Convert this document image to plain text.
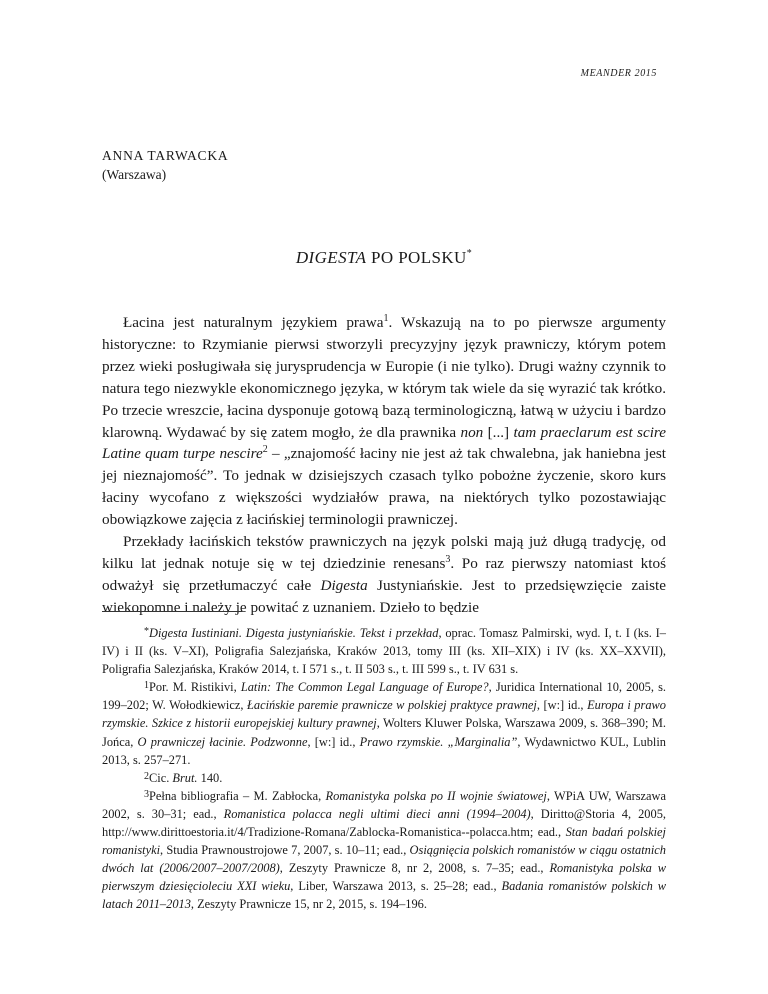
MEANDER 2015
ANNA TARWACKA
(Warszawa)
DIGESTA PO POLSKU*

Łacina jest naturalnym językiem prawa$^1$. Wskazują na to po pierwsze argumenty historyczne: to Rzymianie pierwsi stworzyli precyzyjny język prawniczy, którym potem przez wieki posługiwała się jurysprudencja w Europie (i nie tylko). Drugi ważny czynnik to natura tego niezwykle ekonomicznego języka, w którym tak wiele da się wyrazić tak krótko. Po trzecie wreszcie, łacina dysponuje gotową bazą terminologiczną, łatwą w użyciu i bardzo klarowną. Wydawać by się zatem mogło, że dla prawnika non [...] tam praeclarum est scire Latine quam turpe nescire$^2$ – „znajomość łaciny nie jest aż tak chwalebna, jak haniebna jest jej nieznajomość”. To jednak w dzisiejszych czasach tylko pobożne życzenie, skoro kurs łaciny wycofano z większości wydziałów prawa, na niektórych tylko pozostawiając obowiązkowe zajęcia z łacińskiej terminologii prawniczej.

Przekłady łacińskich tekstów prawniczych na język polski mają już długą tradycję, od kilku lat jednak notuje się w tej dziedzinie renesans$^3$. Po raz pierwszy natomiast ktoś odważył się przetłumaczyć całe Digesta Justyniańskie. Jest to przedsięwzięcie zaiste wiekopomne i należy je powitać z uznaniem. Dzieło to będzie

*Digesta Iustiniani. Digesta justyniańskie. Tekst i przekład, oprac. Tomasz Palmirski, wyd. I, t. I (ks. I–IV) i II (ks. V–XI), Poligrafia Salezjańska, Kraków 2013, tomy III (ks. XII–XIX) i IV (ks. XX–XXVII), Poligrafia Salezjańska, Kraków 2014, t. I 571 s., t. II 503 s., t. III 599 s., t. IV 631 s.

1Por. M. Ristikivi, Latin: The Common Legal Language of Europe?, Juridica International 10, 2005, s. 199–202; W. Wołodkiewicz, Łacińskie paremie prawnicze w polskiej praktyce prawnej, [w:] id., Europa i prawo rzymskie. Szkice z historii europejskiej kultury prawnej, Wolters Kluwer Polska, Warszawa 2009, s. 368–390; M. Jońca, O prawniczej łacinie. Podzwonne, [w:] id., Prawo rzymskie. „Marginalia”, Wydawnictwo KUL, Lublin 2013, s. 257–271.

2Cic. Brut. 140.

3Pełna bibliografia – M. Zabłocka, Romanistyka polska po II wojnie światowej, WPiA UW, Warszawa 2002, s. 30–31; ead., Romanistica polacca negli ultimi dieci anni (1994–2004), Diritto@Storia 4, 2005, http://www.dirittoestoria.it/4/Tradizione-Romana/Zablocka-Romanistica--polacca.htm; ead., Stan badań polskiej romanistyki, Studia Prawnoustrojowe 7, 2007, s. 10–11; ead., Osiągnięcia polskich romanistów w ciągu ostatnich dwóch lat (2006/2007–2007/2008), Zeszyty Prawnicze 8, nr 2, 2008, s. 7–35; ead., Romanistyka polska w pierwszym dziesięcioleciu XXI wieku, Liber, Warszawa 2013, s. 25–28; ead., Badania romanistów polskich w latach 2011–2013, Zeszyty Prawnicze 15, nr 2, 2015, s. 194–196.
